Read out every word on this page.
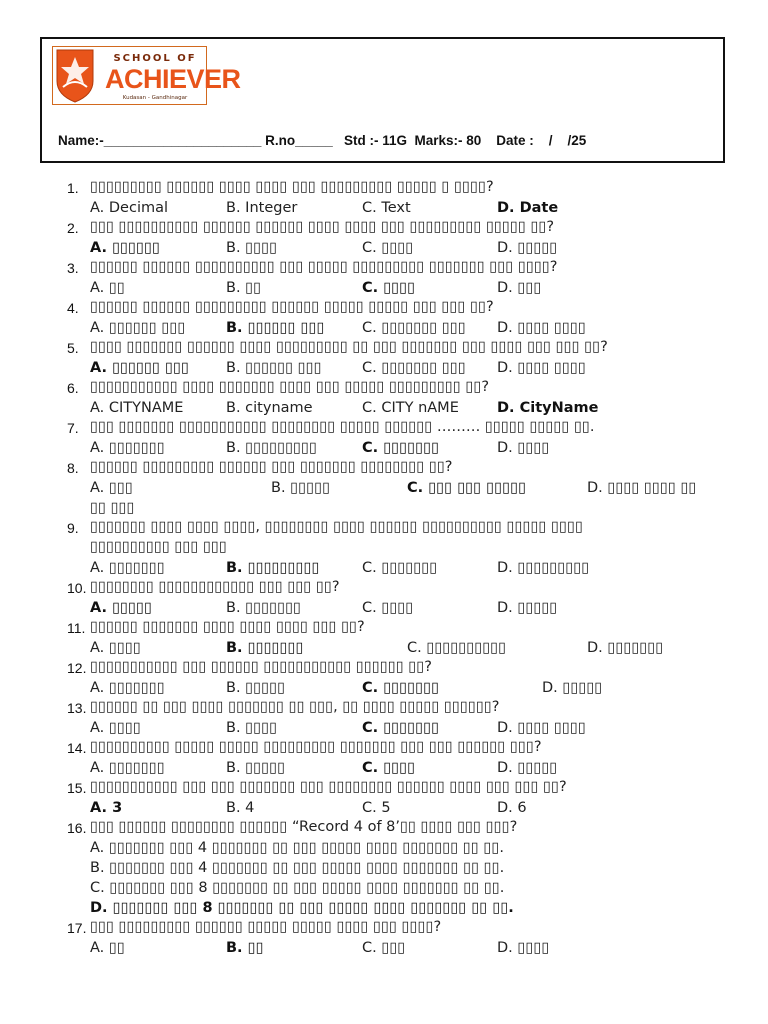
SCHOOL OF
ACHIEVER
Kudasan - Gandhinagar
Name:-_____________________ R.no_____   Std :- 11G  Marks:- 80    Date :    /    /25
1. ▯▯▯▯▯▯▯▯▯ ▯▯▯▯▯▯ ▯▯▯▯ ▯▯▯▯ ▯▯▯ ▯▯▯▯▯▯▯▯▯ ▯▯▯▯▯ ▯ ▯▯▯▯?
A. Decimal	B. Integer	C. Text	D. Date
2. ▯▯▯ ▯▯▯▯▯▯▯▯▯▯ ▯▯▯▯▯▯ ▯▯▯▯▯▯ ▯▯▯▯ ▯▯▯▯ ▯▯▯ ▯▯▯▯▯▯▯▯▯ ▯▯▯▯▯ ▯▯?
A. ▯▯▯▯▯▯	B. ▯▯▯▯	C. ▯▯▯▯	D. ▯▯▯▯▯
3. ▯▯▯▯▯▯ ▯▯▯▯▯▯ ▯▯▯▯▯▯▯▯▯▯ ▯▯▯ ▯▯▯▯▯ ▯▯▯▯▯▯▯▯▯ ▯▯▯▯▯▯▯ ▯▯▯ ▯▯▯▯?
A. ▯▯	B. ▯▯	C. ▯▯▯▯	D. ▯▯▯
4. ▯▯▯▯▯▯ ▯▯▯▯▯▯ ▯▯▯▯▯▯▯▯▯ ▯▯▯▯▯▯ ▯▯▯▯▯ ▯▯▯▯▯ ▯▯▯ ▯▯▯ ▯▯?
A. ▯▯▯▯▯▯ ▯▯▯	B. ▯▯▯▯▯▯ ▯▯▯	C. ▯▯▯▯▯▯▯ ▯▯▯ D. ▯▯▯▯ ▯▯▯▯
5. ▯▯▯▯ ▯▯▯▯▯▯▯ ▯▯▯▯▯▯ ▯▯▯▯ ▯▯▯▯▯▯▯▯▯ ▯▯ ▯▯▯ ▯▯▯▯▯▯▯ ▯▯▯ ▯▯▯▯ ▯▯▯ ▯▯▯ ▯▯?
A. ▯▯▯▯▯▯ ▯▯▯	B. ▯▯▯▯▯▯ ▯▯▯	C. ▯▯▯▯▯▯▯ ▯▯▯ D. ▯▯▯▯ ▯▯▯▯
6. ▯▯▯▯▯▯▯▯▯▯▯ ▯▯▯▯ ▯▯▯▯▯▯▯ ▯▯▯▯ ▯▯▯ ▯▯▯▯▯ ▯▯▯▯▯▯▯▯▯ ▯▯?
A. CITYNAME	B. cityname	C. CITY nAME	D. CityName
7. ▯▯▯ ▯▯▯▯▯▯▯ ▯▯▯▯▯▯▯▯▯▯▯ ▯▯▯▯▯▯▯▯ ▯▯▯▯▯ ▯▯▯▯▯▯ ……… ▯▯▯▯▯ ▯▯▯▯▯ ▯▯.
A. ▯▯▯▯▯▯▯	B. ▯▯▯▯▯▯▯▯▯	C. ▯▯▯▯▯▯▯	D. ▯▯▯▯
8. ▯▯▯▯▯▯ ▯▯▯▯▯▯▯▯▯ ▯▯▯▯▯▯ ▯▯▯ ▯▯▯▯▯▯▯ ▯▯▯▯▯▯▯▯ ▯▯?
A. ▯▯▯	B. ▯▯▯▯▯	C. ▯▯▯ ▯▯▯ ▯▯▯▯▯	D. ▯▯▯▯ ▯▯▯▯ ▯▯
▯▯ ▯▯▯
9. ▯▯▯▯▯▯▯ ▯▯▯▯ ▯▯▯▯ ▯▯▯▯, ▯▯▯▯▯▯▯▯ ▯▯▯▯ ▯▯▯▯▯▯ ▯▯▯▯▯▯▯▯▯▯ ▯▯▯▯▯ ▯▯▯▯
▯▯▯▯▯▯▯▯▯▯ ▯▯▯ ▯▯▯
A. ▯▯▯▯▯▯▯	B. ▯▯▯▯▯▯▯▯▯	C. ▯▯▯▯▯▯▯	D. ▯▯▯▯▯▯▯▯▯
10. ▯▯▯▯▯▯▯▯ ▯▯▯▯▯▯▯▯▯▯▯▯ ▯▯▯ ▯▯▯ ▯▯?
A. ▯▯▯▯▯	B. ▯▯▯▯▯▯▯	C. ▯▯▯▯	D. ▯▯▯▯▯
11. ▯▯▯▯▯▯ ▯▯▯▯▯▯▯ ▯▯▯▯ ▯▯▯▯ ▯▯▯▯ ▯▯▯ ▯▯?
A. ▯▯▯▯	B. ▯▯▯▯▯▯▯	C. ▯▯▯▯▯▯▯▯▯▯	D. ▯▯▯▯▯▯▯
12. ▯▯▯▯▯▯▯▯▯▯▯ ▯▯▯ ▯▯▯▯▯▯ ▯▯▯▯▯▯▯▯▯▯▯ ▯▯▯▯▯▯ ▯▯?
A. ▯▯▯▯▯▯▯	B. ▯▯▯▯▯	C. ▯▯▯▯▯▯▯	D. ▯▯▯▯▯
13. ▯▯▯▯▯▯ ▯▯ ▯▯▯ ▯▯▯▯ ▯▯▯▯▯▯▯ ▯▯ ▯▯▯, ▯▯ ▯▯▯▯ ▯▯▯▯▯ ▯▯▯▯▯▯?
A. ▯▯▯▯	B. ▯▯▯▯	C. ▯▯▯▯▯▯▯	D. ▯▯▯▯ ▯▯▯▯
14. ▯▯▯▯▯▯▯▯▯▯ ▯▯▯▯▯ ▯▯▯▯▯ ▯▯▯▯▯▯▯▯▯ ▯▯▯▯▯▯▯ ▯▯▯ ▯▯▯ ▯▯▯▯▯▯ ▯▯▯?
A. ▯▯▯▯▯▯▯	B. ▯▯▯▯▯	C. ▯▯▯▯	D. ▯▯▯▯▯
15. ▯▯▯▯▯▯▯▯▯▯▯ ▯▯▯ ▯▯▯ ▯▯▯▯▯▯▯ ▯▯▯ ▯▯▯▯▯▯▯▯ ▯▯▯▯▯▯ ▯▯▯▯ ▯▯▯ ▯▯▯ ▯▯?
A. 3	B. 4	C. 5	D. 6
16. ▯▯▯ ▯▯▯▯▯▯ ▯▯▯▯▯▯▯▯ ▯▯▯▯▯▯ “Record 4 of 8’▯▯ ▯▯▯▯ ▯▯▯ ▯▯▯?
A. ▯▯▯▯▯▯▯ ▯▯▯ 4 ▯▯▯▯▯▯▯ ▯▯ ▯▯▯ ▯▯▯▯▯ ▯▯▯▯ ▯▯▯▯▯▯▯ ▯▯ ▯▯.
B. ▯▯▯▯▯▯▯ ▯▯▯ 4 ▯▯▯▯▯▯▯ ▯▯ ▯▯▯ ▯▯▯▯▯ ▯▯▯▯ ▯▯▯▯▯▯▯ ▯▯ ▯▯.
C. ▯▯▯▯▯▯▯ ▯▯▯ 8 ▯▯▯▯▯▯▯ ▯▯ ▯▯▯ ▯▯▯▯▯ ▯▯▯▯ ▯▯▯▯▯▯▯ ▯▯ ▯▯.
D. ▯▯▯▯▯▯▯ ▯▯▯ 8 ▯▯▯▯▯▯▯ ▯▯ ▯▯▯ ▯▯▯▯▯ ▯▯▯▯ ▯▯▯▯▯▯▯ ▯▯ ▯▯.
17. ▯▯▯ ▯▯▯▯▯▯▯▯▯ ▯▯▯▯▯▯ ▯▯▯▯▯ ▯▯▯▯▯ ▯▯▯▯ ▯▯▯ ▯▯▯▯?
A. ▯▯	B. ▯▯	C. ▯▯▯	D. ▯▯▯▯
